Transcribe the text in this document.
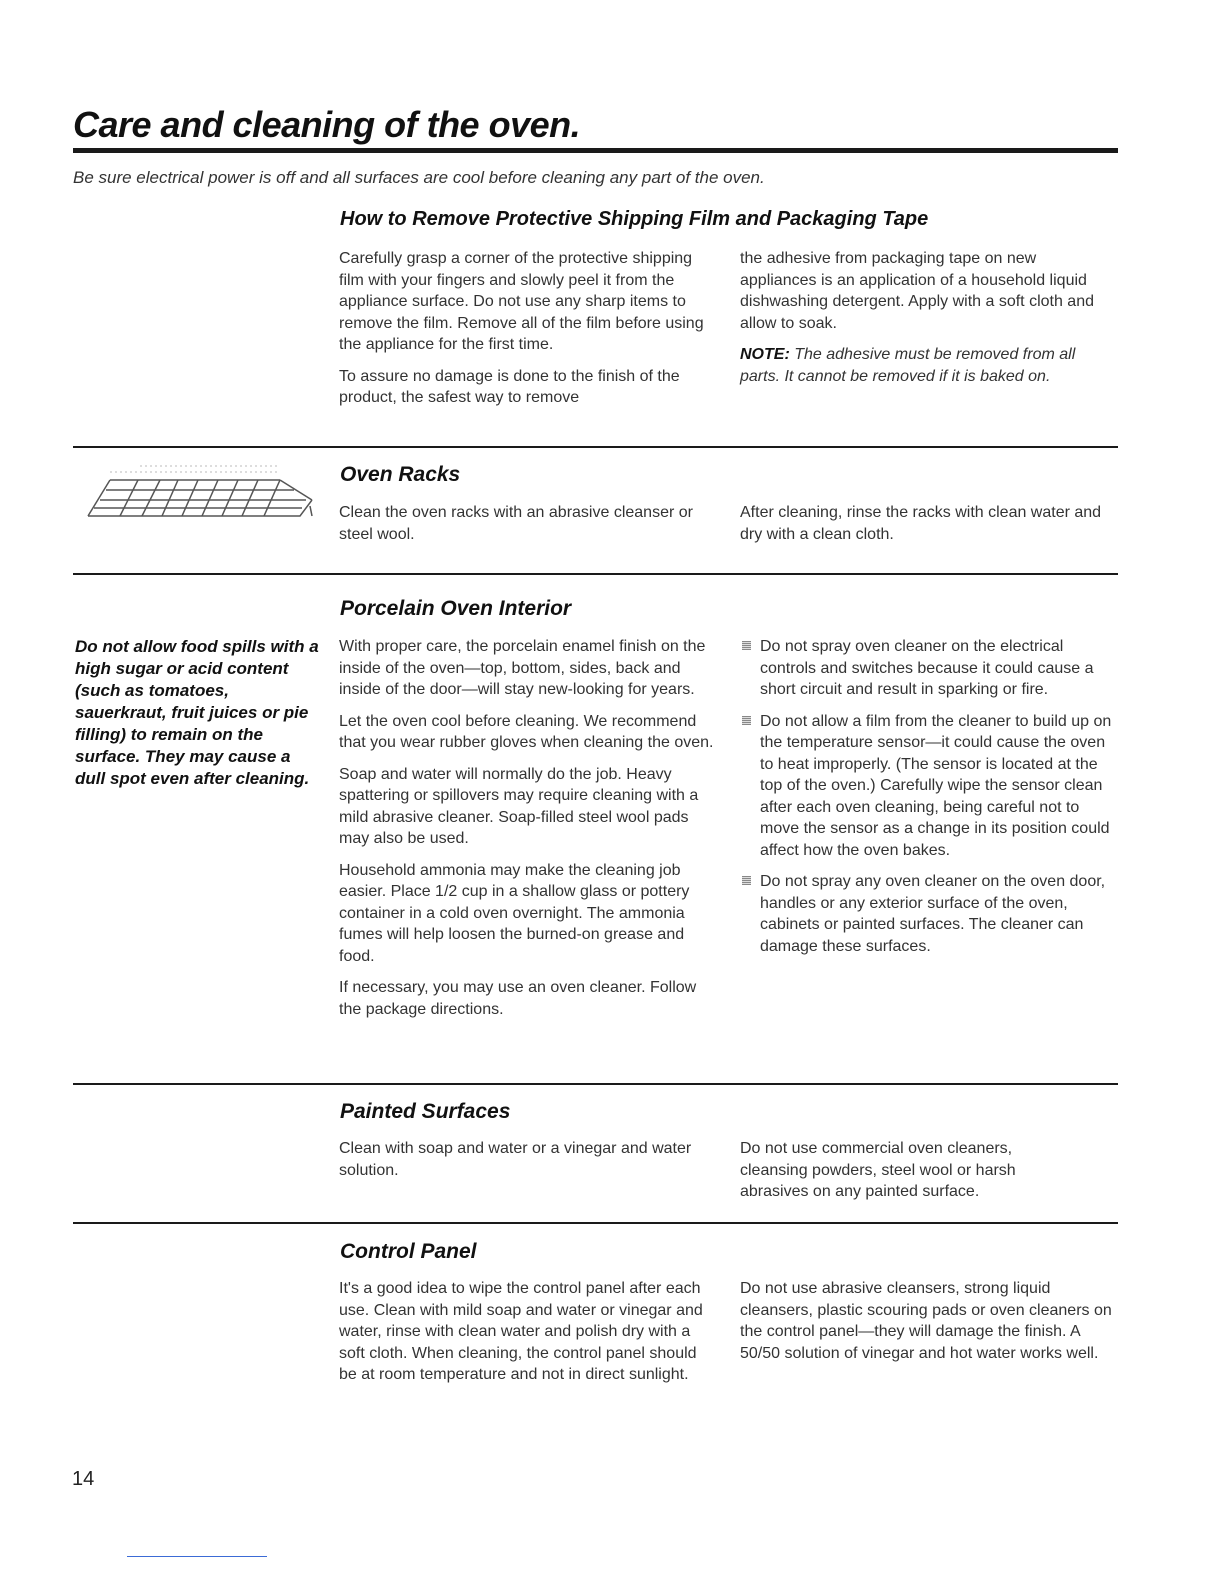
Care and cleaning of the oven.

Be sure electrical power is off and all surfaces are cool before cleaning any part of the oven.

How to Remove Protective Shipping Film and Packaging Tape

Carefully grasp a corner of the protective shipping film with your fingers and slowly peel it from the appliance surface. Do not use any sharp items to remove the film. Remove all of the film before using the appliance for the first time.

To assure no damage is done to the finish of the product, the safest way to remove

the adhesive from packaging tape on new appliances is an application of a household liquid dishwashing detergent. Apply with a soft cloth and allow to soak.

NOTE: The adhesive must be removed from all parts. It cannot be removed if it is baked on.

Oven Racks

Clean the oven racks with an abrasive cleanser or steel wool.

After cleaning, rinse the racks with clean water and dry with a clean cloth.

Porcelain Oven Interior

Do not allow food spills with a high sugar or acid content (such as tomatoes, sauerkraut, fruit juices or pie filling) to remain on the surface. They may cause a dull spot even after cleaning.

With proper care, the porcelain enamel finish on the inside of the oven—top, bottom, sides, back and inside of the door—will stay new-looking for years.

Let the oven cool before cleaning. We recommend that you wear rubber gloves when cleaning the oven.

Soap and water will normally do the job. Heavy spattering or spillovers may require cleaning with a mild abrasive cleaner. Soap-filled steel wool pads may also be used.

Household ammonia may make the cleaning job easier. Place 1/2 cup in a shallow glass or pottery container in a cold oven overnight. The ammonia fumes will help loosen the burned-on grease and food.

If necessary, you may use an oven cleaner. Follow the package directions.

Do not spray oven cleaner on the electrical controls and switches because it could cause a short circuit and result in sparking or fire.
Do not allow a film from the cleaner to build up on the temperature sensor—it could cause the oven to heat improperly. (The sensor is located at the top of the oven.) Carefully wipe the sensor clean after each oven cleaning, being careful not to move the sensor as a change in its position could affect how the oven bakes.
Do not spray any oven cleaner on the oven door, handles or any exterior surface of the oven, cabinets or painted surfaces. The cleaner can damage these surfaces.
Painted Surfaces

Clean with soap and water or a vinegar and water solution.

Do not use commercial oven cleaners, cleansing powders, steel wool or harsh abrasives on any painted surface.

Control Panel

It's a good idea to wipe the control panel after each use. Clean with mild soap and water or vinegar and water, rinse with clean water and polish dry with a soft cloth. When cleaning, the control panel should be at room temperature and not in direct sunlight.

Do not use abrasive cleansers, strong liquid cleansers, plastic scouring pads or oven cleaners on the control panel—they will damage the finish. A 50/50 solution of vinegar and hot water works well.

14
